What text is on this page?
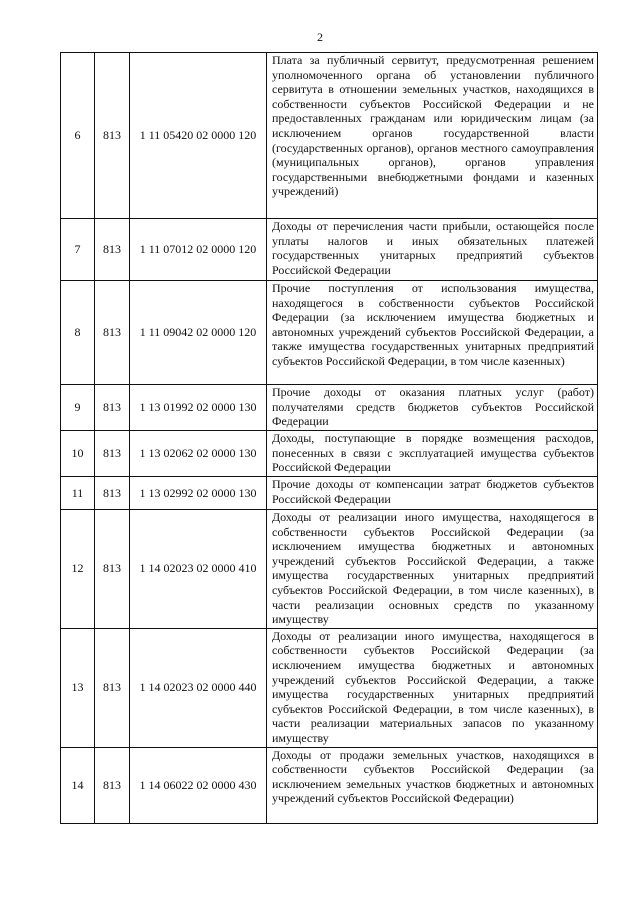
2
6	813	1 11 05420 02 0000 120	Плата за публичный сервитут, предусмотренная решением уполномоченного органа об установлении публичного сервитута в отношении земельных участков, находящихся в собственности субъектов Российской Федерации и не предоставленных гражданам или юридическим лицам (за исключением органов государственной власти (государственных органов), органов местного самоуправления (муниципальных органов), органов управления государственными внебюджетными фондами и казенных учреждений)
7	813	1 11 07012 02 0000 120	Доходы от перечисления части прибыли, остающейся после уплаты налогов и иных обязательных платежей государственных унитарных предприятий субъектов Российской Федерации
8	813	1 11 09042 02 0000 120	Прочие поступления от использования имущества, находящегося в собственности субъектов Российской Федерации (за исключением имущества бюджетных и автономных учреждений субъектов Российской Федерации, а также имущества государственных унитарных предприятий субъектов Российской Федерации, в том числе казенных)
9	813	1 13 01992 02 0000 130	Прочие доходы от оказания платных услуг (работ) получателями средств бюджетов субъектов Российской Федерации
10	813	1 13 02062 02 0000 130	Доходы, поступающие в порядке возмещения расходов, понесенных в связи с эксплуатацией имущества субъектов Российской Федерации
11	813	1 13 02992 02 0000 130	Прочие доходы от компенсации затрат бюджетов субъектов Российской Федерации
12	813	1 14 02023 02 0000 410	Доходы от реализации иного имущества, находящегося в собственности субъектов Российской Федерации (за исключением имущества бюджетных и автономных учреждений субъектов Российской Федерации, а также имущества государственных унитарных предприятий субъектов Российской Федерации, в том числе казенных), в части реализации основных средств по указанному имуществу
13	813	1 14 02023 02 0000 440	Доходы от реализации иного имущества, находящегося в собственности субъектов Российской Федерации (за исключением имущества бюджетных и автономных учреждений субъектов Российской Федерации, а также имущества государственных унитарных предприятий субъектов Российской Федерации, в том числе казенных), в части реализации материальных запасов по указанному имуществу
14	813	1 14 06022 02 0000 430	Доходы от продажи земельных участков, находящихся в собственности субъектов Российской Федерации (за исключением земельных участков бюджетных и автономных учреждений субъектов Российской Федерации)
